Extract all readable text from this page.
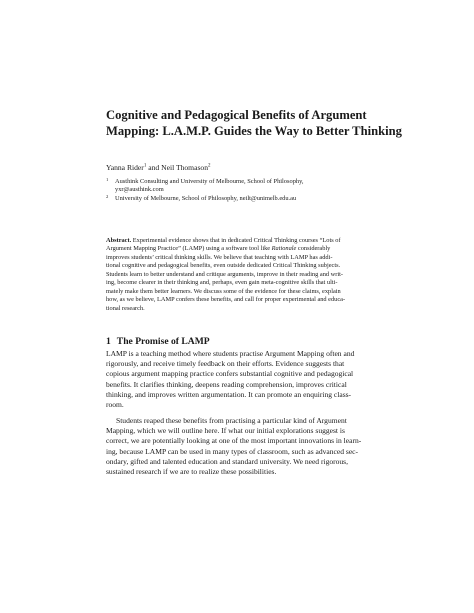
Cognitive and Pedagogical Benefits of Argument
Mapping: L.A.M.P. Guides the Way to Better Thinking
Yanna Rider$^1$ and Neil Thomason$^2$
1	Austhink Consulting and University of Melbourne, School of Philosophy,
yxr@austhink.com
2	University of Melbourne, School of Philosophy, neilt@unimelb.edu.au
Abstract. Experimental evidence shows that in dedicated Critical Thinking courses “Lots of
Argument Mapping Practice” (LAMP) using a software tool like Rationale considerably
improves students’ critical thinking skills. We believe that teaching with LAMP has addi-
tional cognitive and pedagogical benefits, even outside dedicated Critical Thinking subjects.
Students learn to better understand and critique arguments, improve in their reading and writ-
ing, become clearer in their thinking and, perhaps, even gain meta-cognitive skills that ulti-
mately make them better learners. We discuss some of the evidence for these claims, explain
how, as we believe, LAMP confers these benefits, and call for proper experimental and educa-
tional research.
1 The Promise of LAMP
LAMP is a teaching method where students practise Argument Mapping often and
rigorously, and receive timely feedback on their efforts. Evidence suggests that
copious argument mapping practice confers substantial cognitive and pedagogical
benefits. It clarifies thinking, deepens reading comprehension, improves critical
thinking, and improves written argumentation. It can promote an enquiring class-
room.
Students reaped these benefits from practising a particular kind of Argument
Mapping, which we will outline here. If what our initial explorations suggest is
correct, we are potentially looking at one of the most important innovations in learn-
ing, because LAMP can be used in many types of classroom, such as advanced sec-
ondary, gifted and talented education and standard university. We need rigorous,
sustained research if we are to realize these possibilities.
